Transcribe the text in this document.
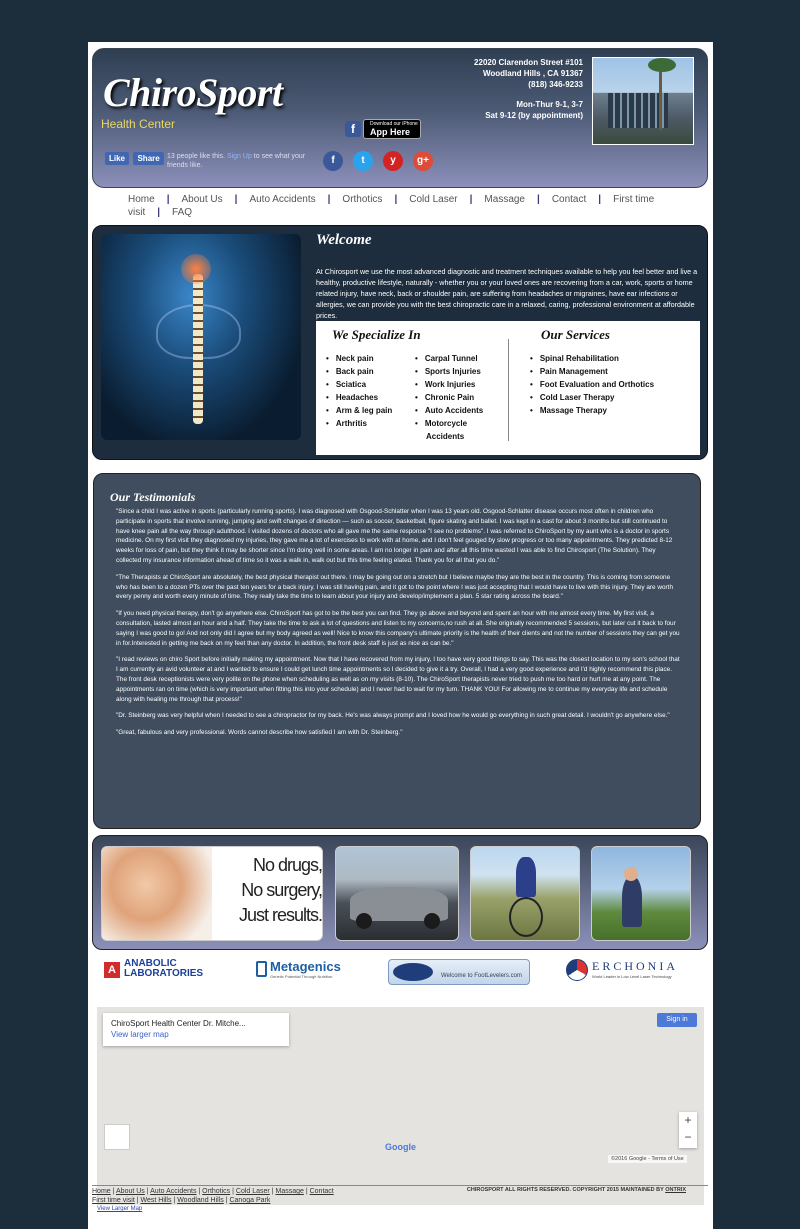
ChiroSport
Health Center
Like Share 13 people like this. Sign Up to see what your friends like.
f	Download our iPhone
App Here
f	t	y	g+
22020 Clarendon Street #101
Woodland Hills , CA 91367
(818) 346-9233
Mon-Thur 9-1, 3-7
Sat 9-12 (by appointment)
Home | About Us | Auto Accidents | Orthotics | Cold Laser | Massage | Contact | First time visit | FAQ
Welcome
At Chirosport we use the most advanced diagnostic and treatment techniques available to help you feel better and live a healthy, productive lifestyle, naturally - whether you or your loved ones are recovering from a car, work, sports or home related injury, have neck, back or shoulder pain, are suffering from headaches or migraines, have ear infections or allergies, we can provide you with the best chiropractic care in a relaxed, caring, professional environment at affordable prices.
We Specialize In
• Neck pain
• Back pain
• Sciatica
• Headaches
• Arm & leg pain
• Arthritis
• Carpal Tunnel
• Sports Injuries
• Work Injuries
• Chronic Pain
• Auto Accidents
• Motorcycle Accidents
Our Services
• Spinal Rehabilitation
• Pain Management
• Foot Evaluation and Orthotics
• Cold Laser Therapy
• Massage Therapy
Our Testimonials

"Since a child I was active in sports (particularly running sports). I was diagnosed with Osgood-Schlatter when I was 13 years old. Osgood-Schlatter disease occurs most often in children who participate in sports that involve running, jumping and swift changes of direction — such as soccer, basketball, figure skating and ballet. I was kept in a cast for about 3 months but still continued to have knee pain all the way through adulthood. I visited dozens of doctors who all gave me the same response "I see no problems". I was referred to ChiroSport by my aunt who is a doctor in sports medicine. On my first visit they diagnosed my injuries, they gave me a lot of exercises to work with at home, and I don't feel gouged by slow progress or too many appointments. They predicted 8-12 weeks for loss of pain, but they think it may be shorter since I'm doing well in some areas. I am no longer in pain and after all this time wasted I was able to find Chirosport (The Solution). They collected my insurance information ahead of time so it was a walk in, walk out but this time feeling elated. Thank you for all that you do."

"The Therapists at ChiroSport are absolutely, the best physical therapist out there. I may be going out on a stretch but I believe maybe they are the best in the country. This is coming from someone who has been to a dozen PTs over the past ten years for a back injury. I was still having pain, and it got to the point where I was just accepting that I would have to live with this injury. They are worth every penny and worth every minute of time. They really take the time to learn about your injury and develop/implement a plan. 5 star rating across the board."

"If you need physical therapy, don't go anywhere else. ChiroSport has got to be the best you can find. They go above and beyond and spent an hour with me almost every time. My first visit, a consultation, lasted almost an hour and a half. They take the time to ask a lot of questions and listen to my concerns,no rush at all. She originally recommended 5 sessions, but later cut it back to four saying I was good to go! And not only did I agree but my body agreed as well! Nice to know this company's ultimate priority is the health of their clients and not the number of sessions they can get you in for.Interested in getting me back on my feet than any doctor. In addition, the front desk staff is just as nice as can be."

"I read reviews on chiro Sport before initially making my appointment. Now that I have recovered from my injury, I too have very good things to say. This was the closest location to my son's school that I am currently an avid volunteer at and I wanted to ensure I could get lunch time appointments so I decided to give it a try. Overall, I had a very good experience and I'd highly recommend this place. The front desk receptionists were very polite on the phone when scheduling as well as on my visits (8-10). The ChiroSport therapists never tried to push me too hard or hurt me at any point. The appointments ran on time (which is very important when fitting this into your schedule) and I never had to wait for my turn. THANK YOU! For allowing me to continue my everyday life and schedule along with healing me through that process!"

"Dr. Steinberg was very helpful when I needed to see a chiropractor for my back. He's was always prompt and I loved how he would go everything in such great detail. I wouldn't go anywhere else."

"Great, fabulous and very professional. Words cannot describe how satisfied I am with Dr. Steinberg."

No drugs,
No surgery,
Just results.
A
ANABOLIC
LABORATORIES	Metagenics
Genetic Potential Through Nutrition	Welcome to FootLevelers.com
ERCHONIA
World Leader in Low Level Laser Technology
ChiroSport Health Center Dr. Mitche...
View larger map
Sign in
+
−
Google
©2016 Google - Terms of Use
View Larger Map
Home | About Us | Auto Accidents | Orthotics | Cold Laser | Massage | Contact
First time visit | West Hills | Woodland Hills | Canoga Park
CHIROSPORT ALL RIGHTS RESERVED. COPYRIGHT 2015 MAINTAINED BY ONTRIX
